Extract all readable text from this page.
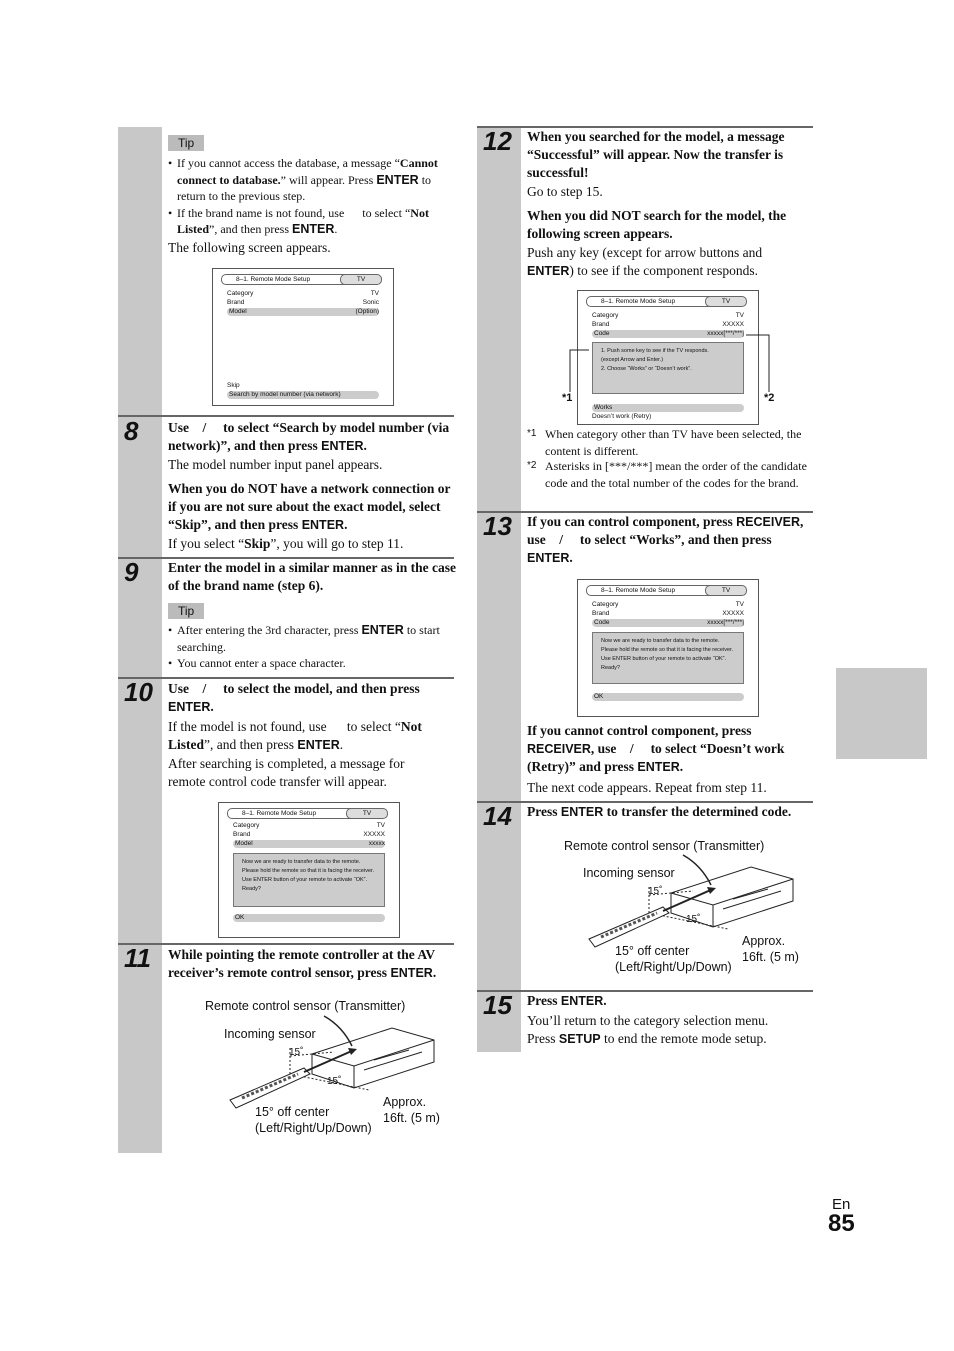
Tip
• If you cannot access the database, a message “Cannot connect to database.” will appear. Press ENTER to return to the previous step.
• If the brand name is not found, use      to select “Not Listed”, and then press ENTER.
The following screen appears.
8–1. Remote Mode Setup	TV
Category	TV
Brand	Sonic
Model	(Option)
Skip
Search by model number (via network)
8 Use / to select “Search by model number (via network)”, and then press ENTER.
The model number input panel appears.
When you do NOT have a network connection or if you are not sure about the exact model, select “Skip”, and then press ENTER.
If you select “Skip”, you will go to step 11.
9 Enter the model in a similar manner as in the case of the brand name (step 6).
Tip
• After entering the 3rd character, press ENTER to start searching.
• You cannot enter a space character.
10 Use / to select the model, and then press ENTER.
If the model is not found, use      to select “Not Listed”, and then press ENTER.
After searching is completed, a message for remote control code transfer will appear.
8–1. Remote Mode Setup	TV
Category	TV
Brand	XXXXX
Model	xxxxx
Now we are ready to transfer data to the remote.
Please hold the remote so that it is facing the receiver.
Use ENTER button of your remote to activate “OK”.
Ready?
OK
11 While pointing the remote controller at the AV receiver’s remote control sensor, press ENTER.
Remote control sensor (Transmitter)
Incoming sensor
15˚
15˚
15° off center
(Left/Right/Up/Down)
Approx.
16ft. (5 m)
12 When you searched for the model, a message “Successful” will appear. Now the transfer is successful!
Go to step 15.
When you did NOT search for the model, the following screen appears.
Push any key (except for arrow buttons and ENTER) to see if the component responds.
8–1. Remote Mode Setup	TV
Category	TV
Brand	XXXXX
Code	xxxxx[***/***]
1. Push some key to see if the TV responds.
(except Arrow and Enter.)
2. Choose “Works” or “Doesn’t work”.
Works
Doesn’t work (Retry)
*1	*2
*1 When category other than TV have been selected, the content is different.
*2 Asterisks in [***/***] mean the order of the candidate code and the total number of the codes for the brand.
13 If you can control component, press RECEIVER, use / to select “Works”, and then press ENTER.
8–1. Remote Mode Setup	TV
Category	TV
Brand	XXXXX
Code	xxxxx[***/***]
Now we are ready to transfer data to the remote.
Please hold the remote so that it is facing the receiver.
Use ENTER button of your remote to activate “OK”.
Ready?
OK
If you cannot control component, press RECEIVER, use / to select “Doesn’t work (Retry)” and press ENTER.
The next code appears. Repeat from step 11.
14 Press ENTER to transfer the determined code.
Remote control sensor (Transmitter)
Incoming sensor
15˚
15˚
15° off center
(Left/Right/Up/Down)
Approx.
16ft. (5 m)
15 Press ENTER.
You’ll return to the category selection menu.
Press SETUP to end the remote mode setup.
En
85
